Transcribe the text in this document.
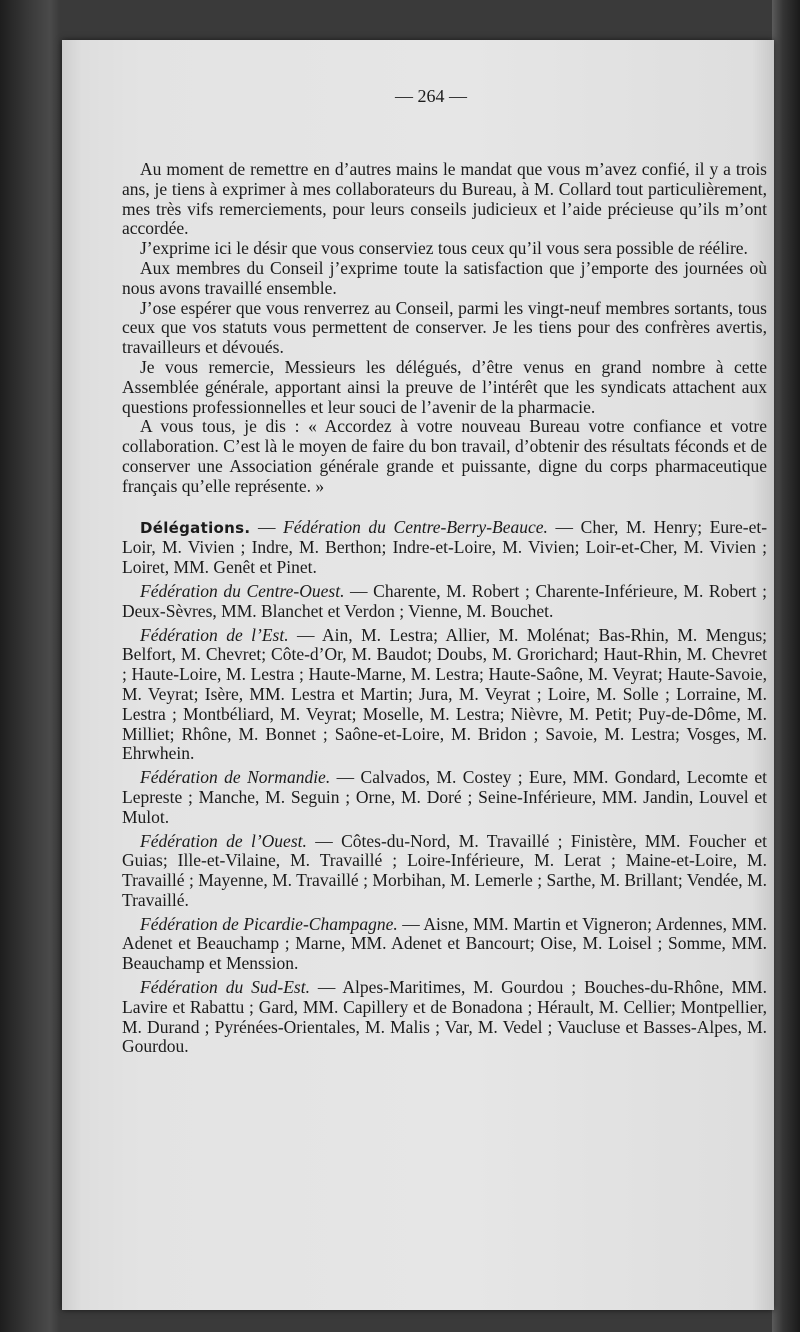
— 264 —

Au moment de remettre en d’autres mains le mandat que vous m’avez confié, il y a trois ans, je tiens à exprimer à mes collaborateurs du Bureau, à M. Collard tout particulièrement, mes très vifs remerciements, pour leurs conseils judicieux et l’aide précieuse qu’ils m’ont accordée.

J’exprime ici le désir que vous conserviez tous ceux qu’il vous sera possible de réélire.

Aux membres du Conseil j’exprime toute la satisfaction que j’emporte des journées où nous avons travaillé ensemble.

J’ose espérer que vous renverrez au Conseil, parmi les vingt-neuf membres sortants, tous ceux que vos statuts vous permettent de conserver. Je les tiens pour des confrères avertis, travailleurs et dévoués.

Je vous remercie, Messieurs les délégués, d’être venus en grand nombre à cette Assemblée générale, apportant ainsi la preuve de l’intérêt que les syndicats attachent aux questions professionnelles et leur souci de l’avenir de la pharmacie.

A vous tous, je dis : « Accordez à votre nouveau Bureau votre confiance et votre collaboration. C’est là le moyen de faire du bon travail, d’obtenir des résultats féconds et de conserver une Association générale grande et puissante, digne du corps pharmaceutique français qu’elle représente. »

Délégations. — Fédération du Centre-Berry-Beauce. — Cher, M. Henry; Eure-et-Loir, M. Vivien ; Indre, M. Berthon; Indre-et-Loire, M. Vivien; Loir-et-Cher, M. Vivien ; Loiret, MM. Genêt et Pinet.

Fédération du Centre-Ouest. — Charente, M. Robert ; Charente-Inférieure, M. Robert ; Deux-Sèvres, MM. Blanchet et Verdon ; Vienne, M. Bouchet.

Fédération de l’Est. — Ain, M. Lestra; Allier, M. Molénat; Bas-Rhin, M. Mengus; Belfort, M. Chevret; Côte-d’Or, M. Baudot; Doubs, M. Grorichard; Haut-Rhin, M. Chevret ; Haute-Loire, M. Lestra ; Haute-Marne, M. Lestra; Haute-Saône, M. Veyrat; Haute-Savoie, M. Veyrat; Isère, MM. Lestra et Martin; Jura, M. Veyrat ; Loire, M. Solle ; Lorraine, M. Lestra ; Montbéliard, M. Veyrat; Moselle, M. Lestra; Nièvre, M. Petit; Puy-de-Dôme, M. Milliet; Rhône, M. Bonnet ; Saône-et-Loire, M. Bridon ; Savoie, M. Lestra; Vosges, M. Ehrwhein.

Fédération de Normandie. — Calvados, M. Costey ; Eure, MM. Gondard, Lecomte et Lepreste ; Manche, M. Seguin ; Orne, M. Doré ; Seine-Inférieure, MM. Jandin, Louvel et Mulot.

Fédération de l’Ouest. — Côtes-du-Nord, M. Travaillé ; Finistère, MM. Foucher et Guias; Ille-et-Vilaine, M. Travaillé ; Loire-Inférieure, M. Lerat ; Maine-et-Loire, M. Travaillé ; Mayenne, M. Travaillé ; Morbihan, M. Lemerle ; Sarthe, M. Brillant; Vendée, M. Travaillé.

Fédération de Picardie-Champagne. — Aisne, MM. Martin et Vigneron; Ardennes, MM. Adenet et Beauchamp ; Marne, MM. Adenet et Bancourt; Oise, M. Loisel ; Somme, MM. Beauchamp et Menssion.

Fédération du Sud-Est. — Alpes-Maritimes, M. Gourdou ; Bouches-du-Rhône, MM. Lavire et Rabattu ; Gard, MM. Capillery et de Bonadona ; Hérault, M. Cellier; Montpellier, M. Durand ; Pyrénées-Orientales, M. Malis ; Var, M. Vedel ; Vaucluse et Basses-Alpes, M. Gourdou.
